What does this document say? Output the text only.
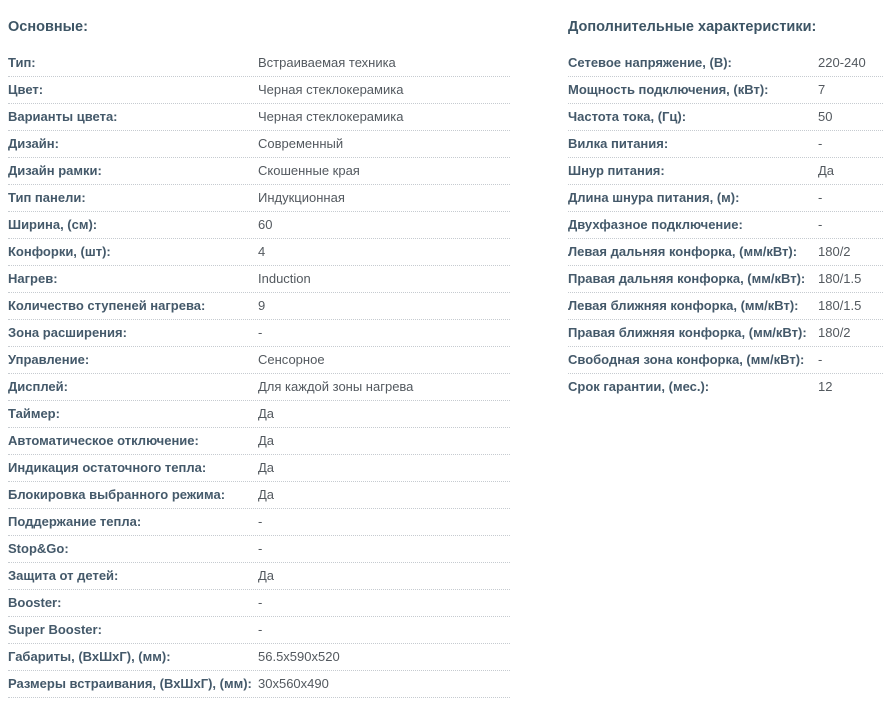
Основные:
Тип:	Встраиваемая техника
Цвет:	Черная стеклокерамика
Варианты цвета:	Черная стеклокерамика
Дизайн:	Современный
Дизайн рамки:	Скошенные края
Тип панели:	Индукционная
Ширина, (см):	60
Конфорки, (шт):	4
Нагрев:	Induction
Количество ступеней нагрева:	9
Зона расширения:	-
Управление:	Сенсорное
Дисплей:	Для каждой зоны нагрева
Таймер:	Да
Автоматическое отключение:	Да
Индикация остаточного тепла:	Да
Блокировка выбранного режима:	Да
Поддержание тепла:	-
Stop&Go:	-
Защита от детей:	Да
Booster:	-
Super Booster:	-
Габариты, (ВхШхГ), (мм):	56.5x590x520
Размеры встраивания, (ВхШхГ), (мм): 30x560x490
Дополнительные характеристики:
Сетевое напряжение, (В):	220-240
Мощность подключения, (кВт):	7
Частота тока, (Гц):	50
Вилка питания:	-
Шнур питания:	Да
Длина шнура питания, (м):	-
Двухфазное подключение:	-
Левая дальняя конфорка, (мм/кВт):	180/2
Правая дальняя конфорка, (мм/кВт): 180/1.5
Левая ближняя конфорка, (мм/кВт):	180/1.5
Правая ближняя конфорка, (мм/кВт): 180/2
Свободная зона конфорка, (мм/кВт):	-
Срок гарантии, (мес.):	12
